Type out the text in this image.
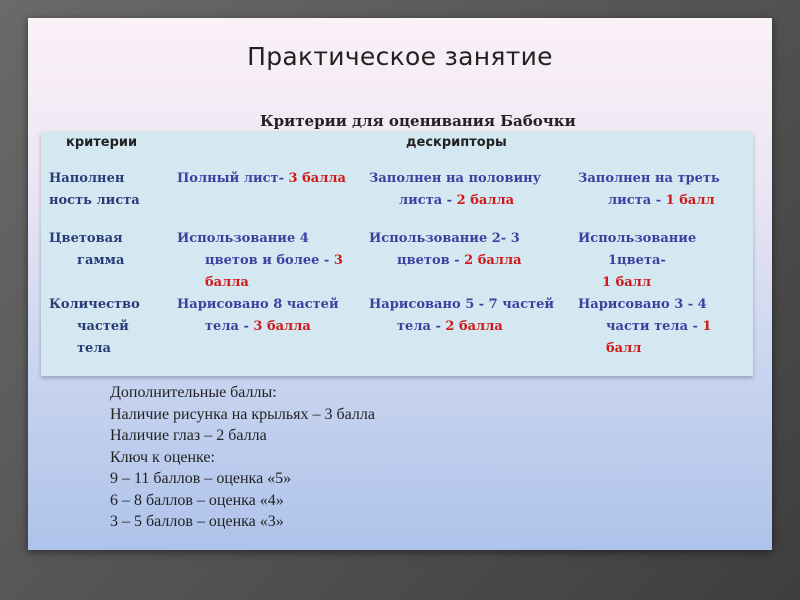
Практическое занятие
Критерии для оценивания Бабочки
критерии	дескрипторы
Наполнен
ность листа
Полный лист- 3 балла Заполнен на половину
листа - 2 балла
Заполнен на треть
листа - 1 балл
Цветовая
гамма
Использование 4
цветов и более - 3
балла
Использование 2- 3
цветов - 2 балла
Использование
1цвета-
1 балл
Количество
частей
тела
Нарисовано 8 частей
тела - 3 балла
Нарисовано 5 - 7 частей
тела - 2 балла
Нарисовано 3 - 4
части тела - 1
балл
Дополнительные баллы:
Наличие рисунка на крыльях – 3 балла
Наличие глаз – 2 балла
Ключ к оценке:
9 – 11 баллов – оценка «5»
6 – 8 баллов – оценка «4»
3 – 5 баллов – оценка «3»
